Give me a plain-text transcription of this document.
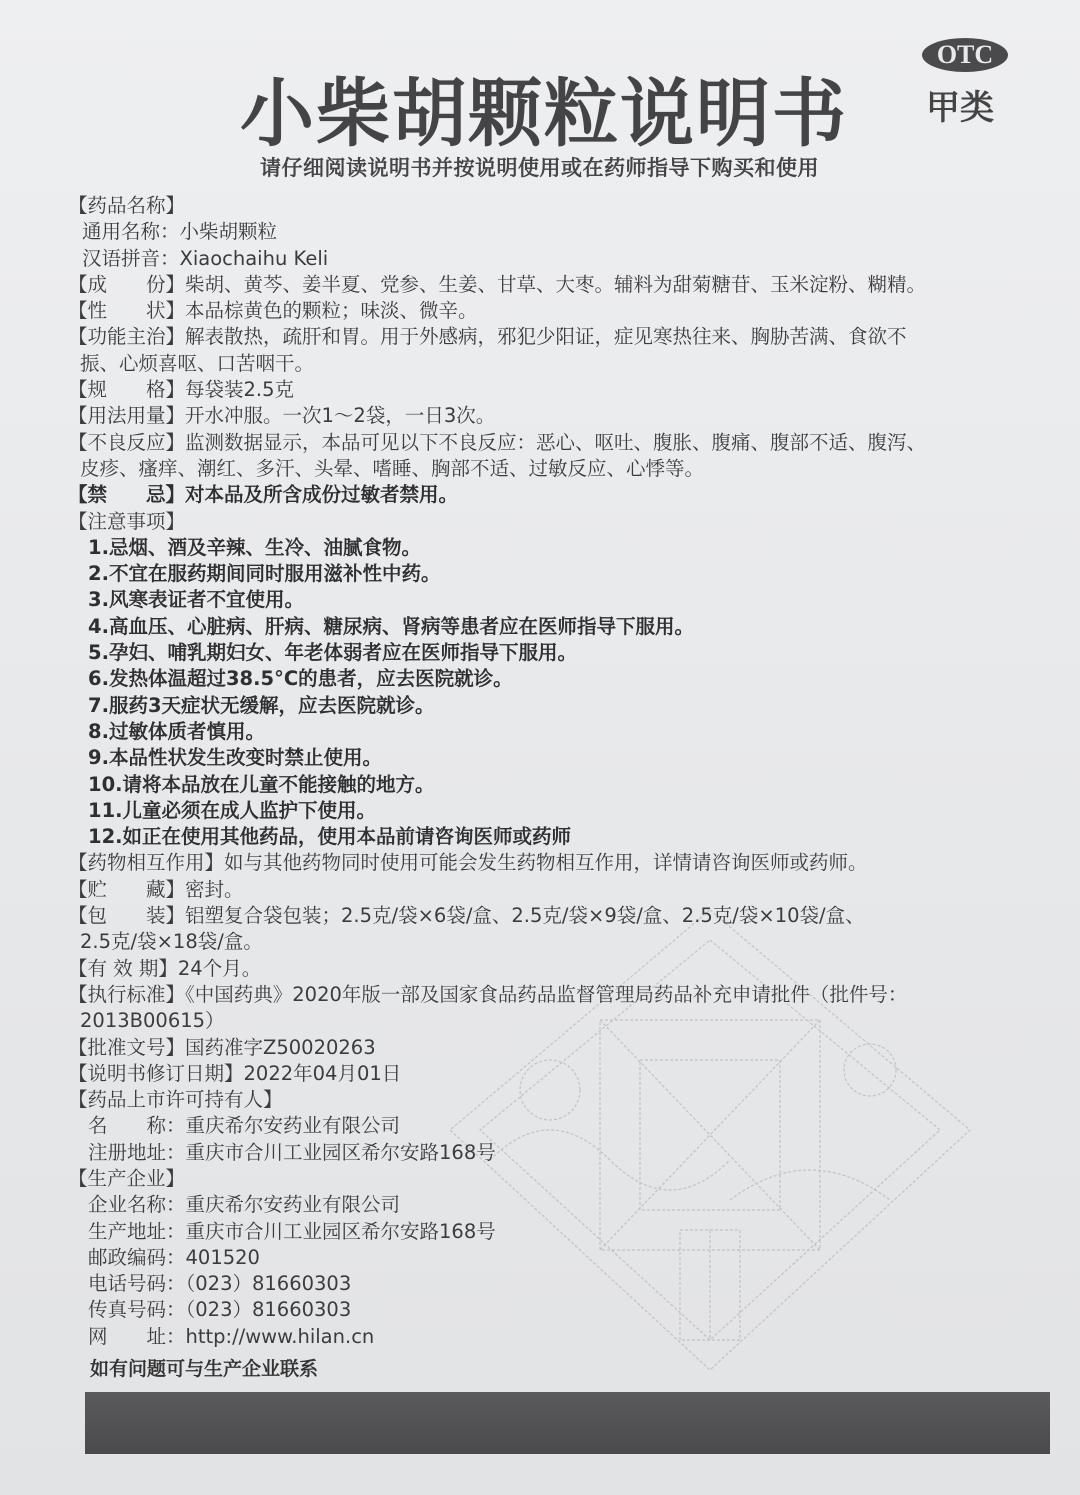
小柴胡颗粒说明书
OTC
甲类
请仔细阅读说明书并按说明使用或在药师指导下购买和使用
【药品名称】
通用名称：小柴胡颗粒
汉语拼音：Xiaochaihu Keli
【成　　份】柴胡、黄芩、姜半夏、党参、生姜、甘草、大枣。辅料为甜菊糖苷、玉米淀粉、糊精。
【性　　状】本品棕黄色的颗粒；味淡、微辛。
【功能主治】解表散热，疏肝和胃。用于外感病，邪犯少阳证，症见寒热往来、胸胁苦满、食欲不
振、心烦喜呕、口苦咽干。
【规　　格】每袋装2.5克
【用法用量】开水冲服。一次1～2袋，一日3次。
【不良反应】监测数据显示，本品可见以下不良反应：恶心、呕吐、腹胀、腹痛、腹部不适、腹泻、
皮疹、瘙痒、潮红、多汗、头晕、嗜睡、胸部不适、过敏反应、心悸等。
【禁　　忌】对本品及所含成份过敏者禁用。
【注意事项】
1.忌烟、酒及辛辣、生冷、油腻食物。
2.不宜在服药期间同时服用滋补性中药。
3.风寒表证者不宜使用。
4.高血压、心脏病、肝病、糖尿病、肾病等患者应在医师指导下服用。
5.孕妇、哺乳期妇女、年老体弱者应在医师指导下服用。
6.发热体温超过38.5°C的患者，应去医院就诊。
7.服药3天症状无缓解，应去医院就诊。
8.过敏体质者慎用。
9.本品性状发生改变时禁止使用。
10.请将本品放在儿童不能接触的地方。
11.儿童必须在成人监护下使用。
12.如正在使用其他药品，使用本品前请咨询医师或药师
【药物相互作用】如与其他药物同时使用可能会发生药物相互作用，详情请咨询医师或药师。
【贮　　藏】密封。
【包　　装】铝塑复合袋包装；2.5克/袋×6袋/盒、2.5克/袋×9袋/盒、2.5克/袋×10袋/盒、
2.5克/袋×18袋/盒。
【有 效 期】24个月。
【执行标准】《中国药典》2020年版一部及国家食品药品监督管理局药品补充申请批件（批件号：
2013B00615）
【批准文号】国药准字Z50020263
【说明书修订日期】2022年04月01日
【药品上市许可持有人】
名　　称：重庆希尔安药业有限公司
注册地址：重庆市合川工业园区希尔安路168号
【生产企业】
企业名称：重庆希尔安药业有限公司
生产地址：重庆市合川工业园区希尔安路168号
邮政编码：401520
电话号码：（023）81660303
传真号码：（023）81660303
网　　址：http://www.hilan.cn
如有问题可与生产企业联系
